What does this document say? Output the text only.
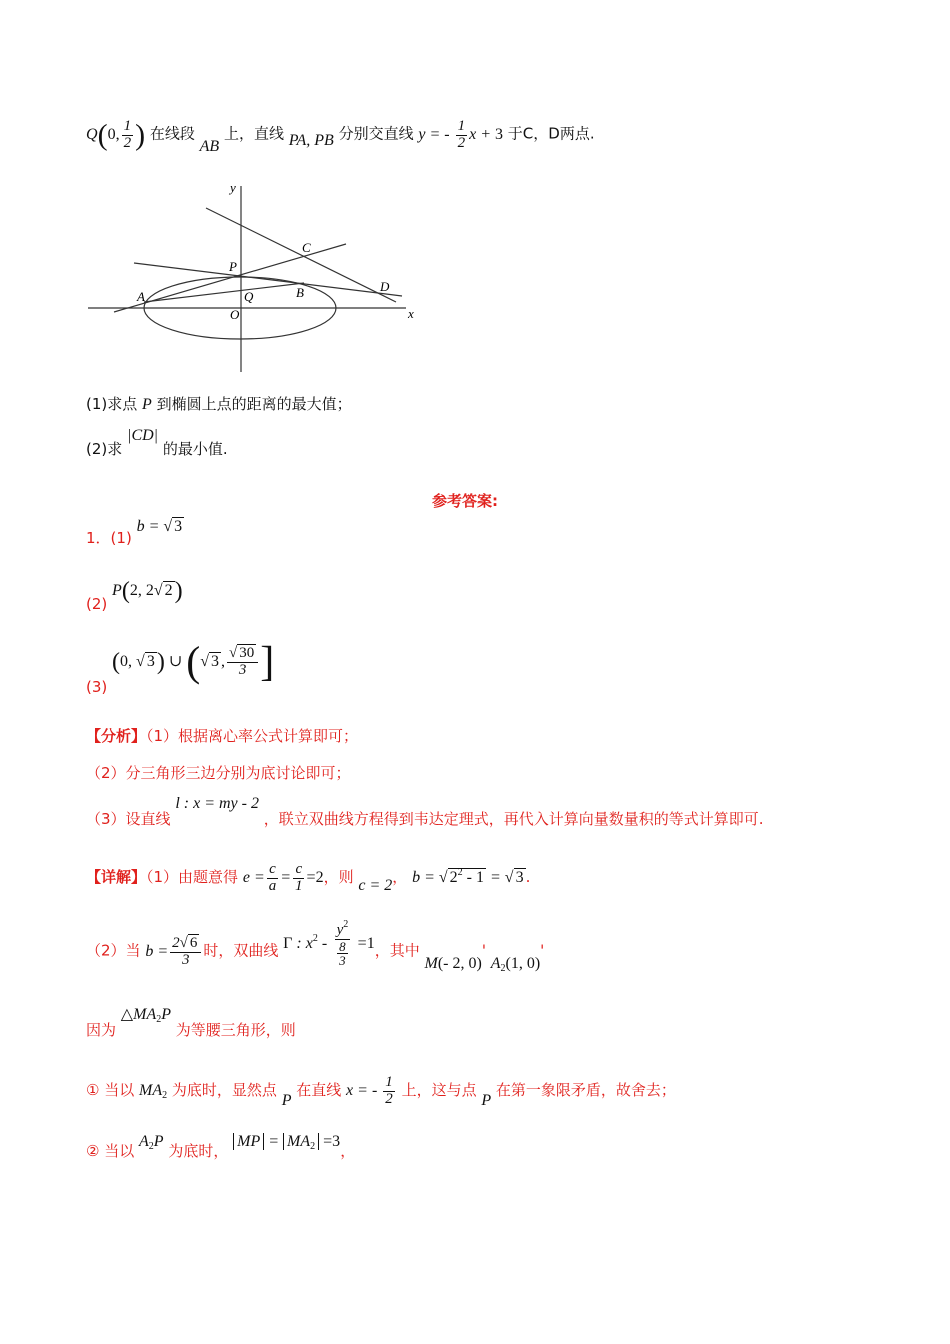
Q(0, $\frac{1}{2}$ ) 在线段 AB 上，直线 PA, PB 分别交直线 y = - $\frac{1}{2}$ x + 3 于C，D两点.
y
x
P
C
D
A	Q	B
O
(1)求点 P 到椭圆上点的距离的最大值；
(2)求 |CD| 的最小值.
参考答案:
1．(1) b = √ 3
(2) P(2, 2√ 2)
(3) (0, √ 3) ∪ (√ 3 , $\frac{√ 30}{3}$ ]
【分析】（1）根据离心率公式计算即可；
（2）分三角形三边分别为底讨论即可；
（3）设直线 l : x = my - 2 ，联立双曲线方程得到韦达定理式，再代入计算向量数量积的等式计算即可.
【详解】（1）由题意得 $e = \frac{c}{a} = \frac{c}{1} =2$，则 c = 2， b = √ $2^2 - 1$ = √ 3 .
（2）当 $b = \frac{2√ 6}{3}$ 时，双曲线 Γ : $x^2 - \frac{y^2}{\frac{8}{3}} =1$，其中 M(- 2, 0)' $A_2(1$, 0)'
因为 $\triangle MA_2P$ 为等腰三角形，则
① 当以 $MA_2$ 为底时，显然点 P 在直线 x = - $\frac{1}{2}$ 上，这与点 P 在第一象限矛盾，故舍去；
② 当以 $A_2P$ 为底时， MP = $MA_2 =3$，
